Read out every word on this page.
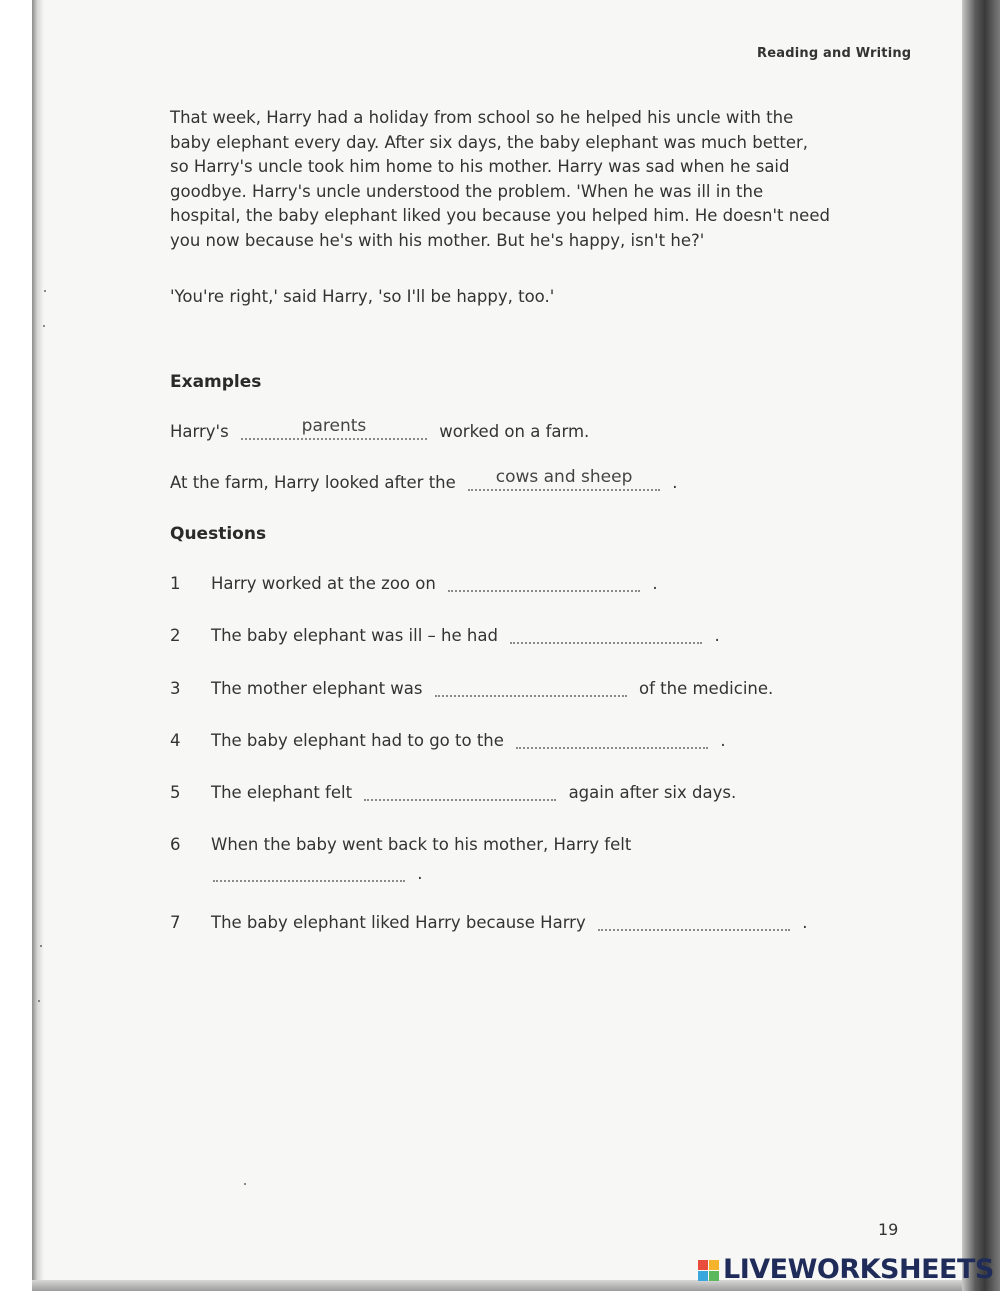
Reading and Writing

That week, Harry had a holiday from school so he helped his uncle with the baby elephant every day. After six days, the baby elephant was much better, so Harry's uncle took him home to his mother. Harry was sad when he said goodbye. Harry's uncle understood the problem. 'When he was ill in the hospital, the baby elephant liked you because you helped him. He doesn't need you now because he's with his mother. But he's happy, isn't he?'

'You're right,' said Harry, 'so I'll be happy, too.'

Examples
Harry's	parents	worked on a farm.
At the farm, Harry looked after the	cows and sheep	.
Questions
1 Harry worked at the zoo on	.
2 The baby elephant was ill – he had	.
3 The mother elephant was	of the medicine.
4 The baby elephant had to go to the	.
5 The elephant felt	again after six days.
6 When the baby went back to his mother, Harry felt
.
7 The baby elephant liked Harry because Harry	.
19
LIVEWORKSHEETS
